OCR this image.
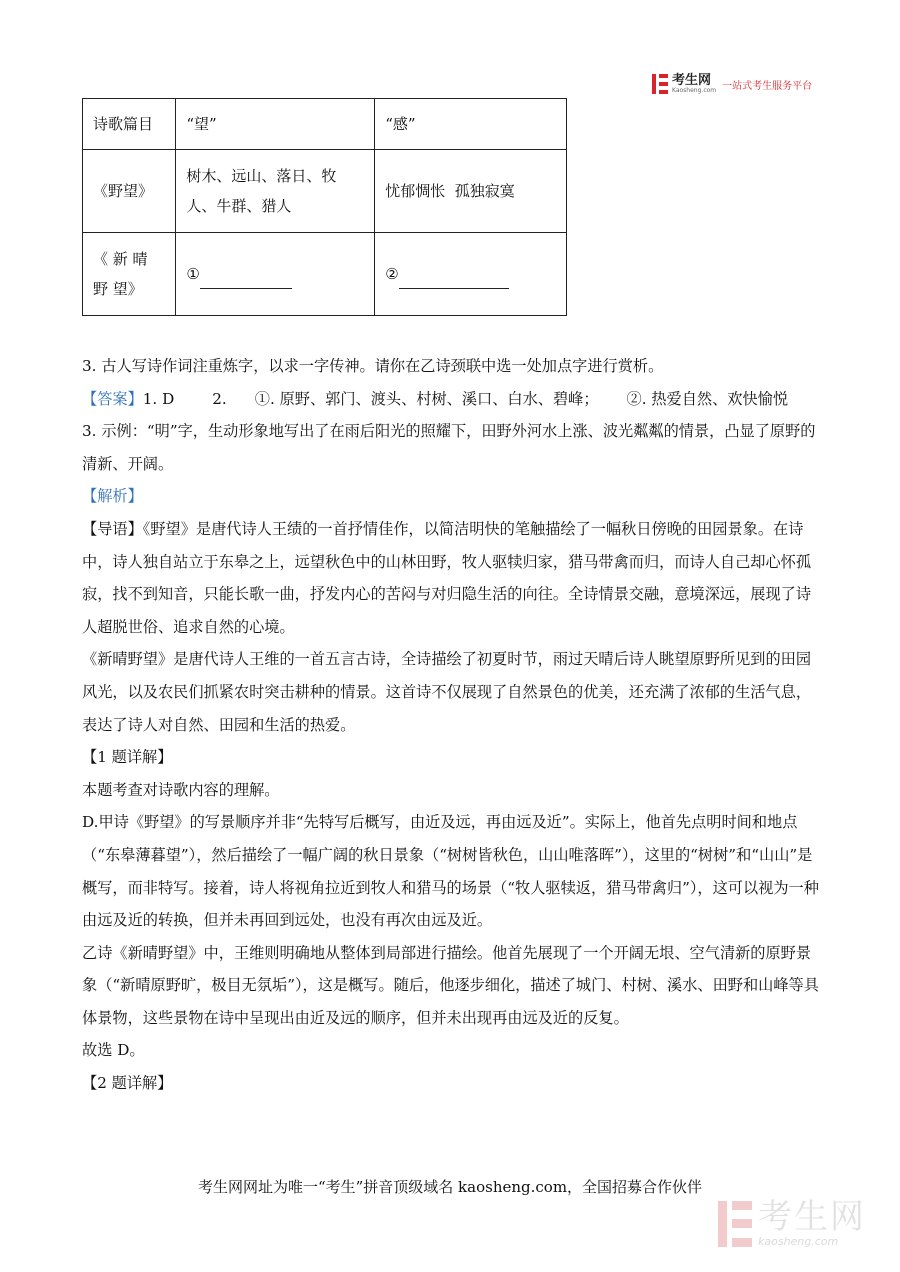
考生网
Kaosheng.com 一站式考生服务平台
诗歌篇目	“望”	“感”
《野望》	树木、远山、落日、牧人、牛群、猎人	忧郁惆怅  孤独寂寞
《 新 晴 野 望》	①	②

3. 古人写诗作词注重炼字，以求一字传神。请你在乙诗颈联中选一处加点字进行赏析。

【答案】 1. D	2. ①. 原野、郭门、渡头、村树、溪口、白水、碧峰； ②. 热爱自然、欢快愉悦

3. 示例：“明”字，生动形象地写出了在雨后阳光的照耀下，田野外河水上涨、波光粼粼的情景，凸显了原野的清新、开阔。

【解析】

【导语】《野望》是唐代诗人王绩的一首抒情佳作，以简洁明快的笔触描绘了一幅秋日傍晚的田园景象。在诗中，诗人独自站立于东皋之上，远望秋色中的山林田野，牧人驱犊归家，猎马带禽而归，而诗人自己却心怀孤寂，找不到知音，只能长歌一曲，抒发内心的苦闷与对归隐生活的向往。全诗情景交融，意境深远，展现了诗人超脱世俗、追求自然的心境。

《新晴野望》是唐代诗人王维的一首五言古诗，全诗描绘了初夏时节，雨过天晴后诗人眺望原野所见到的田园风光，以及农民们抓紧农时突击耕种的情景。这首诗不仅展现了自然景色的优美，还充满了浓郁的生活气息，表达了诗人对自然、田园和生活的热爱。

【1 题详解】

本题考查对诗歌内容的理解。

D.甲诗《野望》的写景顺序并非“先特写后概写，由近及远，再由远及近”。实际上，他首先点明时间和地点（“东皋薄暮望”），然后描绘了一幅广阔的秋日景象（“树树皆秋色，山山唯落晖”），这里的“树树”和“山山”是概写，而非特写。接着，诗人将视角拉近到牧人和猎马的场景（“牧人驱犊返，猎马带禽归”），这可以视为一种由远及近的转换，但并未再回到远处，也没有再次由远及近。

乙诗《新晴野望》中，王维则明确地从整体到局部进行描绘。他首先展现了一个开阔无垠、空气清新的原野景象（“新晴原野旷，极目无氛垢”），这是概写。随后，他逐步细化，描述了城门、村树、溪水、田野和山峰等具体景物，这些景物在诗中呈现出由近及远的顺序，但并未出现再由远及近的反复。

故选 D。

【2 题详解】

考生网网址为唯一“考生”拼音顶级域名 kaosheng.com，全国招募合作伙伴
考生网
kaosheng.com
